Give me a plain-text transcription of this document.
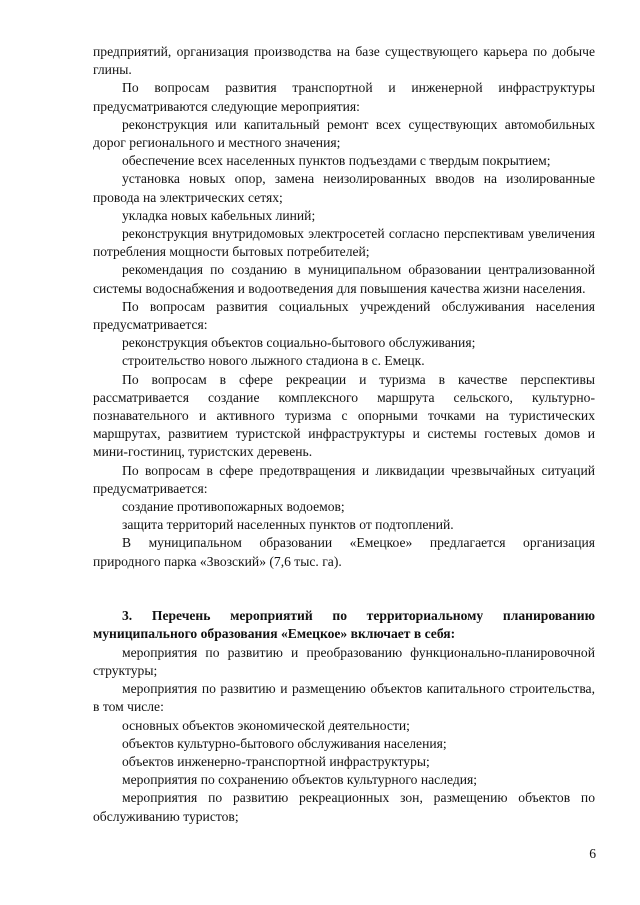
предприятий, организация производства на базе существующего карьера по добыче глины.

По вопросам развития транспортной и инженерной инфраструктуры предусматриваются следующие мероприятия:

реконструкция или капитальный ремонт всех существующих автомобильных дорог регионального и местного значения;

обеспечение всех населенных пунктов подъездами с твердым покрытием;

установка новых опор, замена неизолированных вводов на изолированные провода на электрических сетях;

укладка новых кабельных линий;

реконструкция внутридомовых электросетей согласно перспективам увеличения потребления мощности бытовых потребителей;

рекомендация по созданию в муниципальном образовании централизованной системы водоснабжения и водоотведения для повышения качества жизни населения.

По вопросам развития социальных учреждений обслуживания населения предусматривается:

реконструкция объектов социально-бытового обслуживания;

строительство нового лыжного стадиона в с. Емецк.

По вопросам в сфере рекреации и туризма в качестве перспективы рассматривается создание комплексного маршрута сельского, культурно-познавательного и активного туризма с опорными точками на туристических маршрутах, развитием туристской инфраструктуры и системы гостевых домов и мини-гостиниц, туристских деревень.

По вопросам в сфере предотвращения и ликвидации чрезвычайных ситуаций предусматривается:

создание противопожарных водоемов;

защита территорий населенных пунктов от подтоплений.

В муниципальном образовании «Емецкое» предлагается организация природного парка «Звозский» (7,6 тыс. га).

3. Перечень мероприятий по территориальному планированию муниципального образования «Емецкое» включает в себя:

мероприятия по развитию и преобразованию функционально-планировочной структуры;

мероприятия по развитию и размещению объектов капитального строительства, в том числе:

основных объектов экономической деятельности;

объектов культурно-бытового обслуживания населения;

объектов инженерно-транспортной инфраструктуры;

мероприятия по сохранению объектов культурного наследия;

мероприятия по развитию рекреационных зон, размещению объектов по обслуживанию туристов;

6
